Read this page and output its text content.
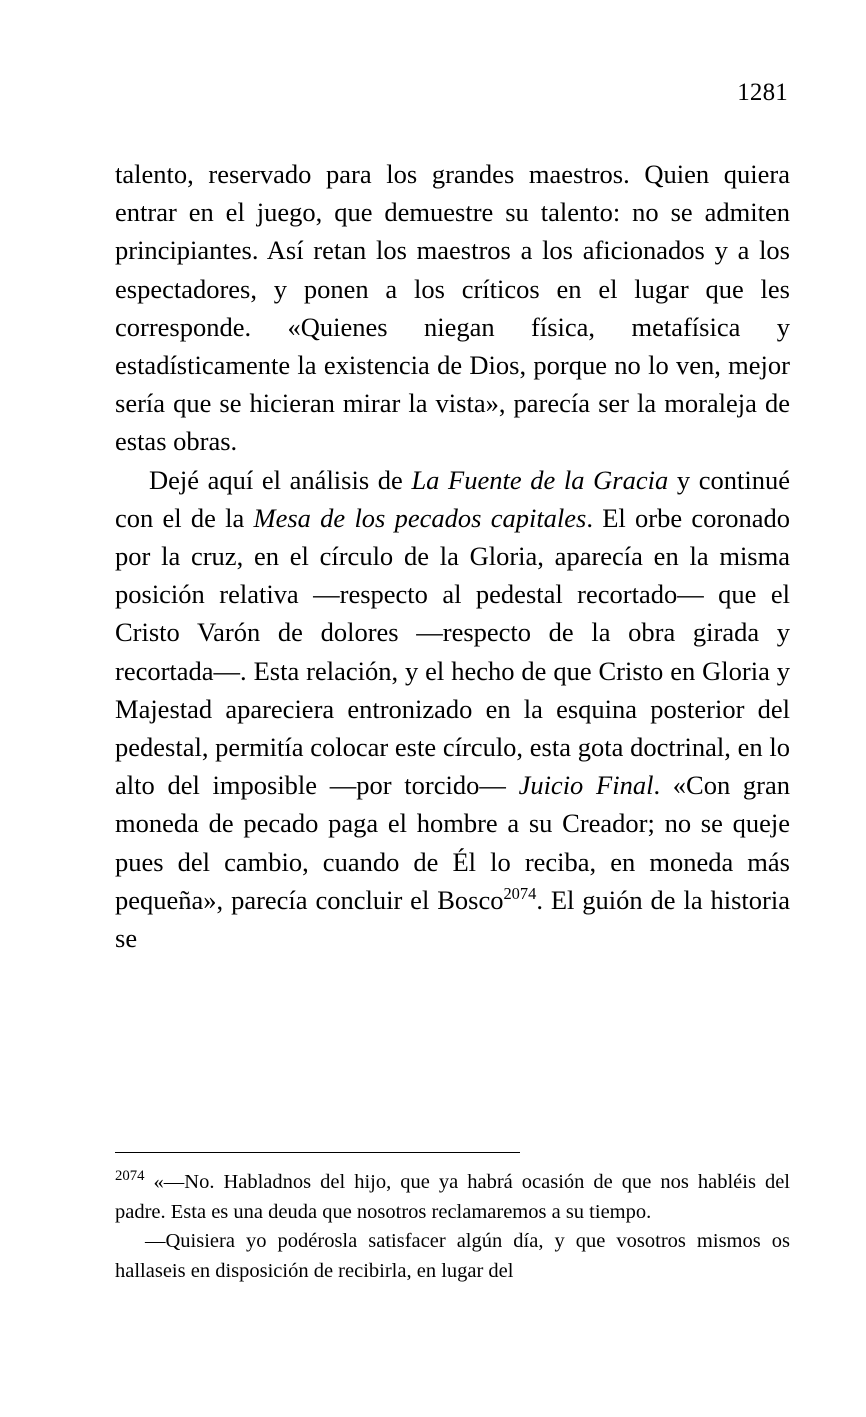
1281

talento, reservado para los grandes maestros. Quien quiera entrar en el juego, que demuestre su talento: no se admiten principiantes. Así retan los maestros a los aficionados y a los espectadores, y ponen a los críticos en el lugar que les corresponde. «Quienes niegan física, metafísica y estadísticamente la existencia de Dios, porque no lo ven, mejor sería que se hicieran mirar la vista», parecía ser la moraleja de estas obras.

Dejé aquí el análisis de La Fuente de la Gracia y continué con el de la Mesa de los pecados capitales. El orbe coronado por la cruz, en el círculo de la Gloria, aparecía en la misma posición relativa ―respecto al pedestal recortado― que el Cristo Varón de dolores ―respecto de la obra girada y recortada―. Esta relación, y el hecho de que Cristo en Gloria y Majestad apareciera entronizado en la esquina posterior del pedestal, permitía colocar este círculo, esta gota doctrinal, en lo alto del imposible ―por torcido― Juicio Final. «Con gran moneda de pecado paga el hombre a su Creador; no se queje pues del cambio, cuando de Él lo reciba, en moneda más pequeña», parecía concluir el Bosco$^{2074}$. El guión de la historia se

$^{2074}$ «―No. Habladnos del hijo, que ya habrá ocasión de que nos habléis del padre. Esta es una deuda que nosotros reclamaremos a su tiempo.

―Quisiera yo podérosla satisfacer algún día, y que vosotros mismos os hallaseis en disposición de recibirla, en lugar del
